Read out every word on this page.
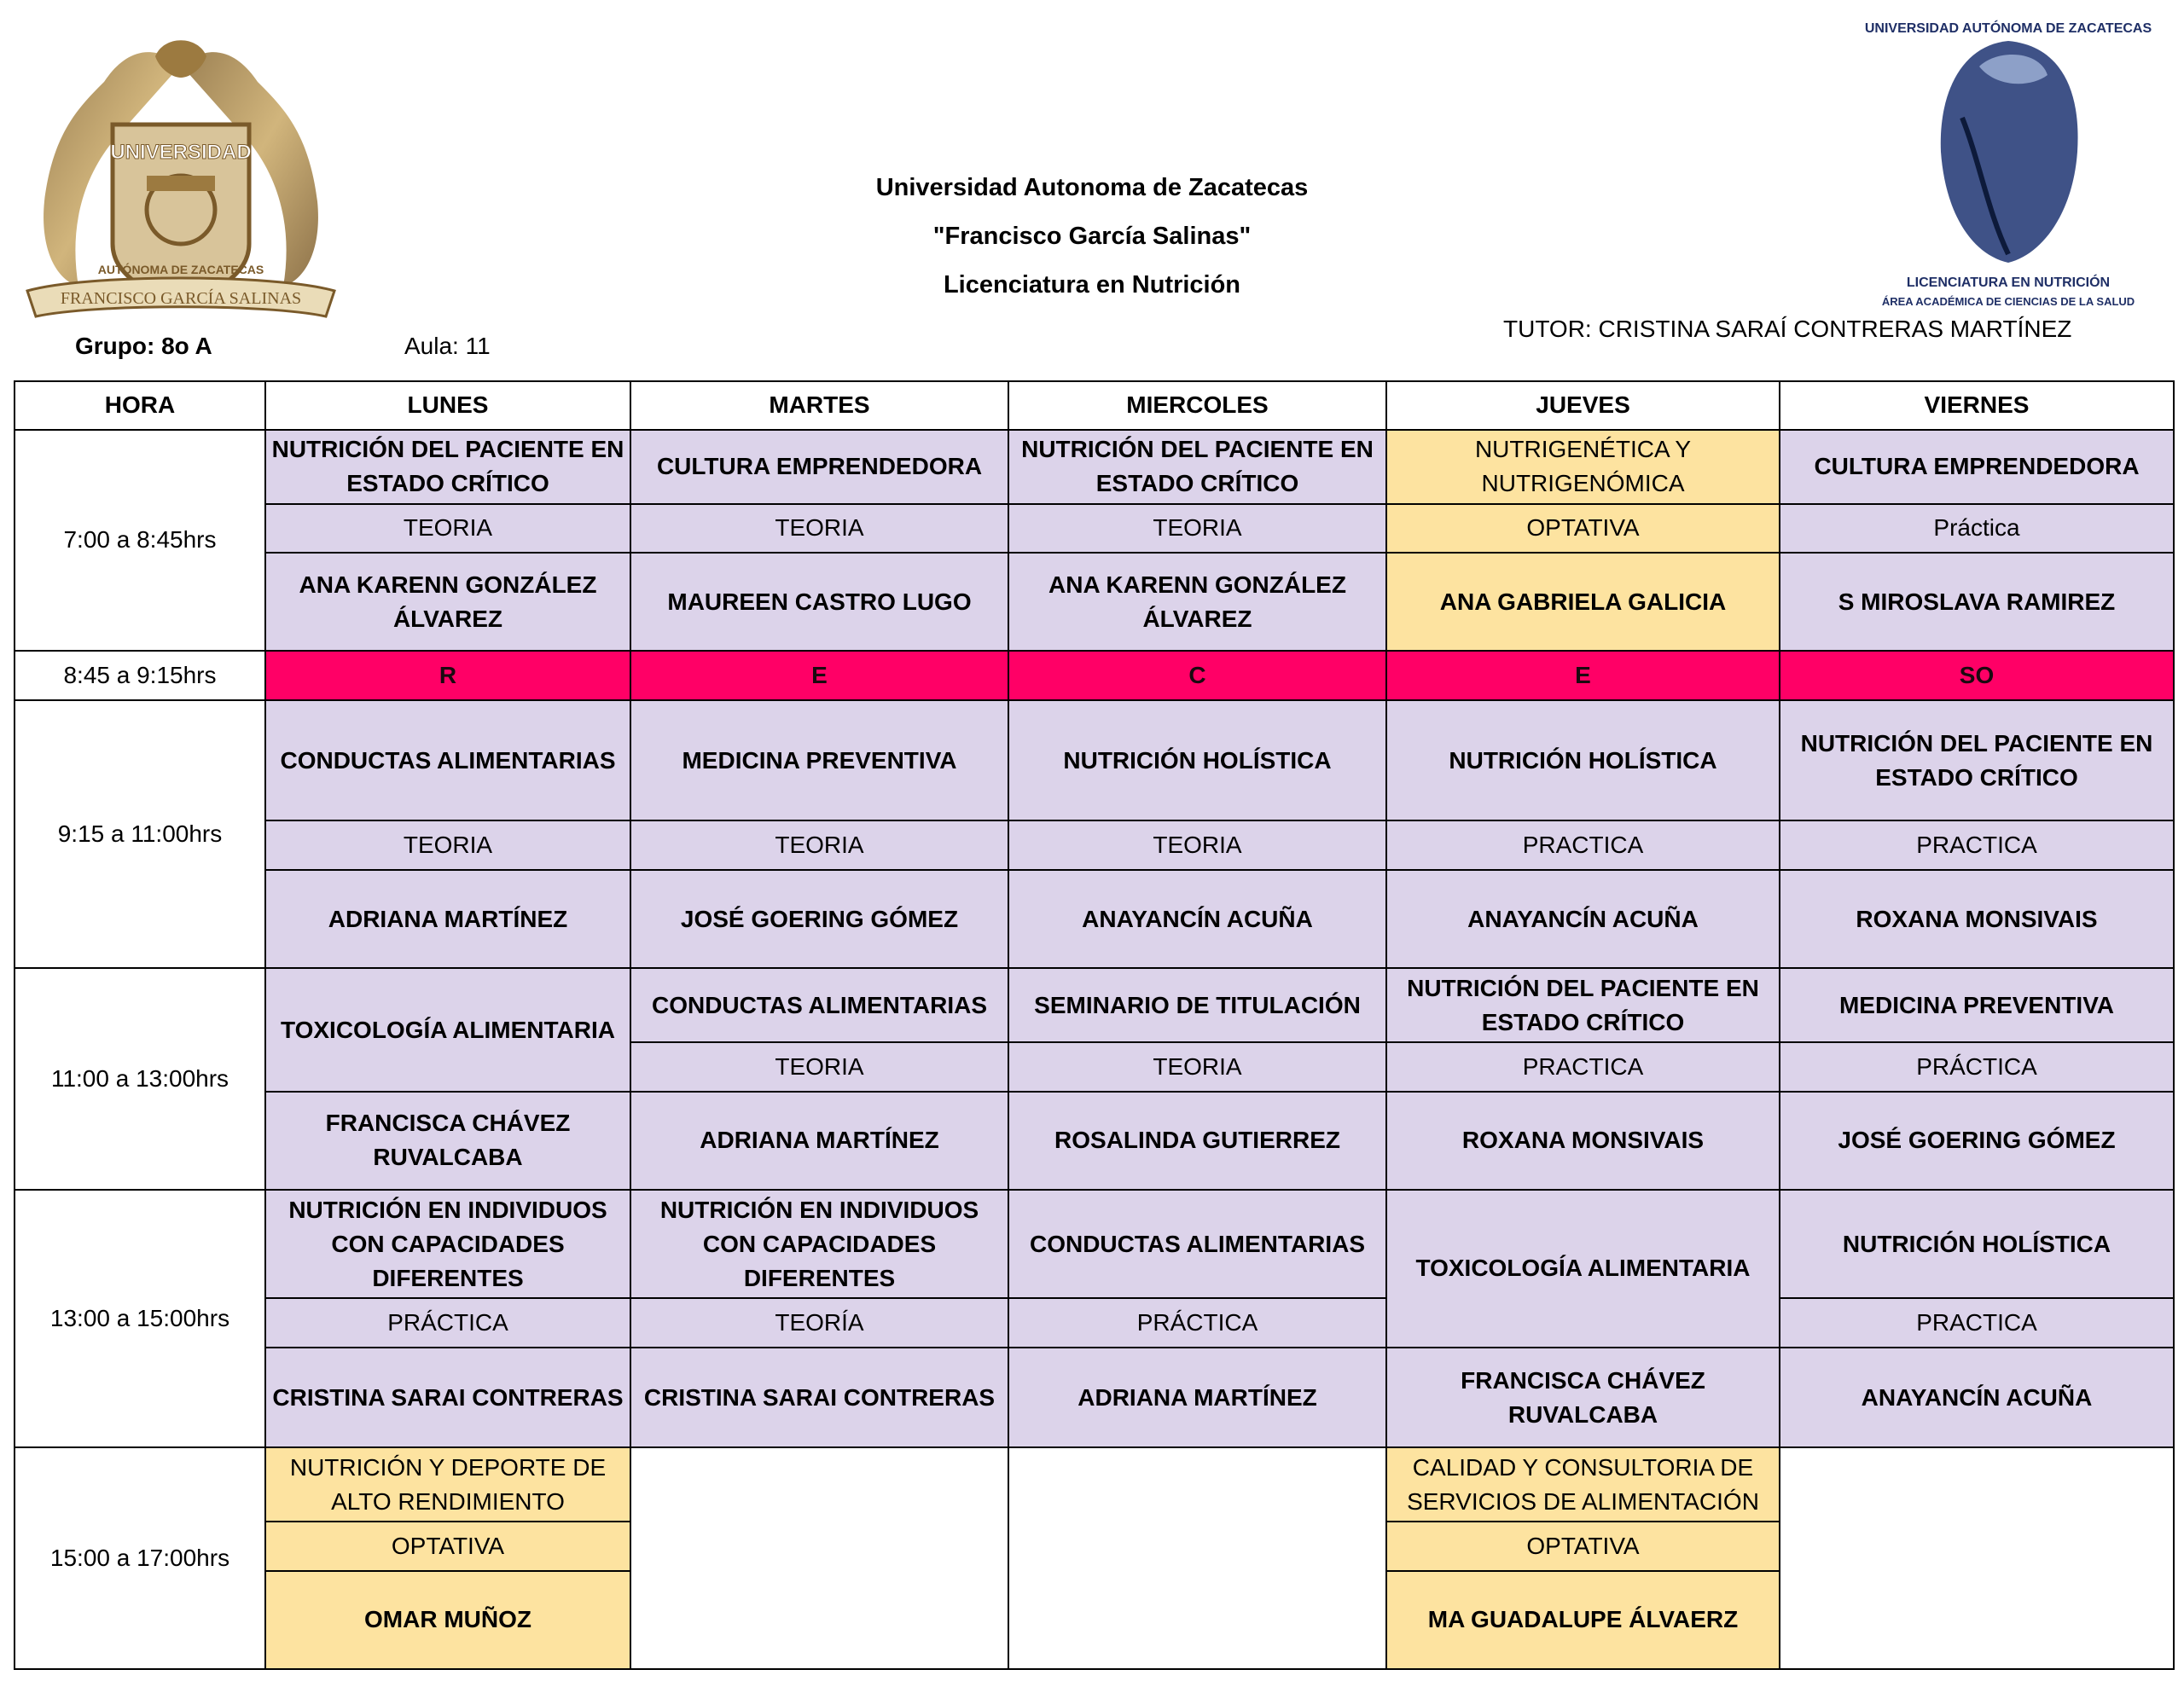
UNIVERSIDAD
AUTÓNOMA DE ZACATECAS
FRANCISCO GARCÍA SALINAS
UNIVERSIDAD AUTÓNOMA DE ZACATECAS
LICENCIATURA EN NUTRICIÓN
ÁREA ACADÉMICA DE CIENCIAS DE LA SALUD
Universidad Autonoma de Zacatecas
"Francisco García Salinas"
Licenciatura en Nutrición
Grupo: 8o A	Aula: 11
TUTOR: CRISTINA SARAÍ CONTRERAS MARTÍNEZ
HORA	LUNES	MARTES	MIERCOLES	JUEVES	VIERNES
7:00 a 8:45hrs	NUTRICIÓN DEL PACIENTE EN ESTADO CRÍTICO	CULTURA EMPRENDEDORA	NUTRICIÓN DEL PACIENTE EN ESTADO CRÍTICO	NUTRIGENÉTICA Y NUTRIGENÓMICA	CULTURA EMPRENDEDORA
	TEORIA	TEORIA	TEORIA	OPTATIVA	Práctica
	ANA KARENN GONZÁLEZ ÁLVAREZ	MAUREEN CASTRO LUGO	ANA KARENN GONZÁLEZ ÁLVAREZ	ANA GABRIELA GALICIA	S MIROSLAVA RAMIREZ
8:45 a 9:15hrs	R	E	C	E	SO
9:15 a 11:00hrs	CONDUCTAS ALIMENTARIAS	MEDICINA PREVENTIVA	NUTRICIÓN HOLÍSTICA	NUTRICIÓN HOLÍSTICA	NUTRICIÓN DEL PACIENTE EN ESTADO CRÍTICO
	TEORIA	TEORIA	TEORIA	PRACTICA	PRACTICA
	ADRIANA MARTÍNEZ	JOSÉ GOERING GÓMEZ	ANAYANCÍN ACUÑA	ANAYANCÍN ACUÑA	ROXANA MONSIVAIS
11:00 a 13:00hrs	TOXICOLOGÍA ALIMENTARIA	CONDUCTAS ALIMENTARIAS	SEMINARIO DE TITULACIÓN	NUTRICIÓN DEL PACIENTE EN ESTADO CRÍTICO	MEDICINA PREVENTIVA
		TEORIA	TEORIA	PRACTICA	PRÁCTICA
	FRANCISCA CHÁVEZ RUVALCABA	ADRIANA MARTÍNEZ	ROSALINDA GUTIERREZ	ROXANA MONSIVAIS	JOSÉ GOERING GÓMEZ
13:00 a 15:00hrs	NUTRICIÓN EN INDIVIDUOS CON CAPACIDADES DIFERENTES	NUTRICIÓN EN INDIVIDUOS CON CAPACIDADES DIFERENTES	CONDUCTAS ALIMENTARIAS	TOXICOLOGÍA ALIMENTARIA	NUTRICIÓN HOLÍSTICA
	PRÁCTICA	TEORÍA	PRÁCTICA		PRACTICA
	CRISTINA SARAI CONTRERAS	CRISTINA SARAI CONTRERAS	ADRIANA MARTÍNEZ	FRANCISCA CHÁVEZ RUVALCABA	ANAYANCÍN ACUÑA
15:00 a 17:00hrs	NUTRICIÓN Y DEPORTE DE ALTO RENDIMIENTO			CALIDAD Y CONSULTORIA DE SERVICIOS DE ALIMENTACIÓN	
	OPTATIVA			OPTATIVA	
	OMAR MUÑOZ			MA GUADALUPE ÁLVAERZ	
